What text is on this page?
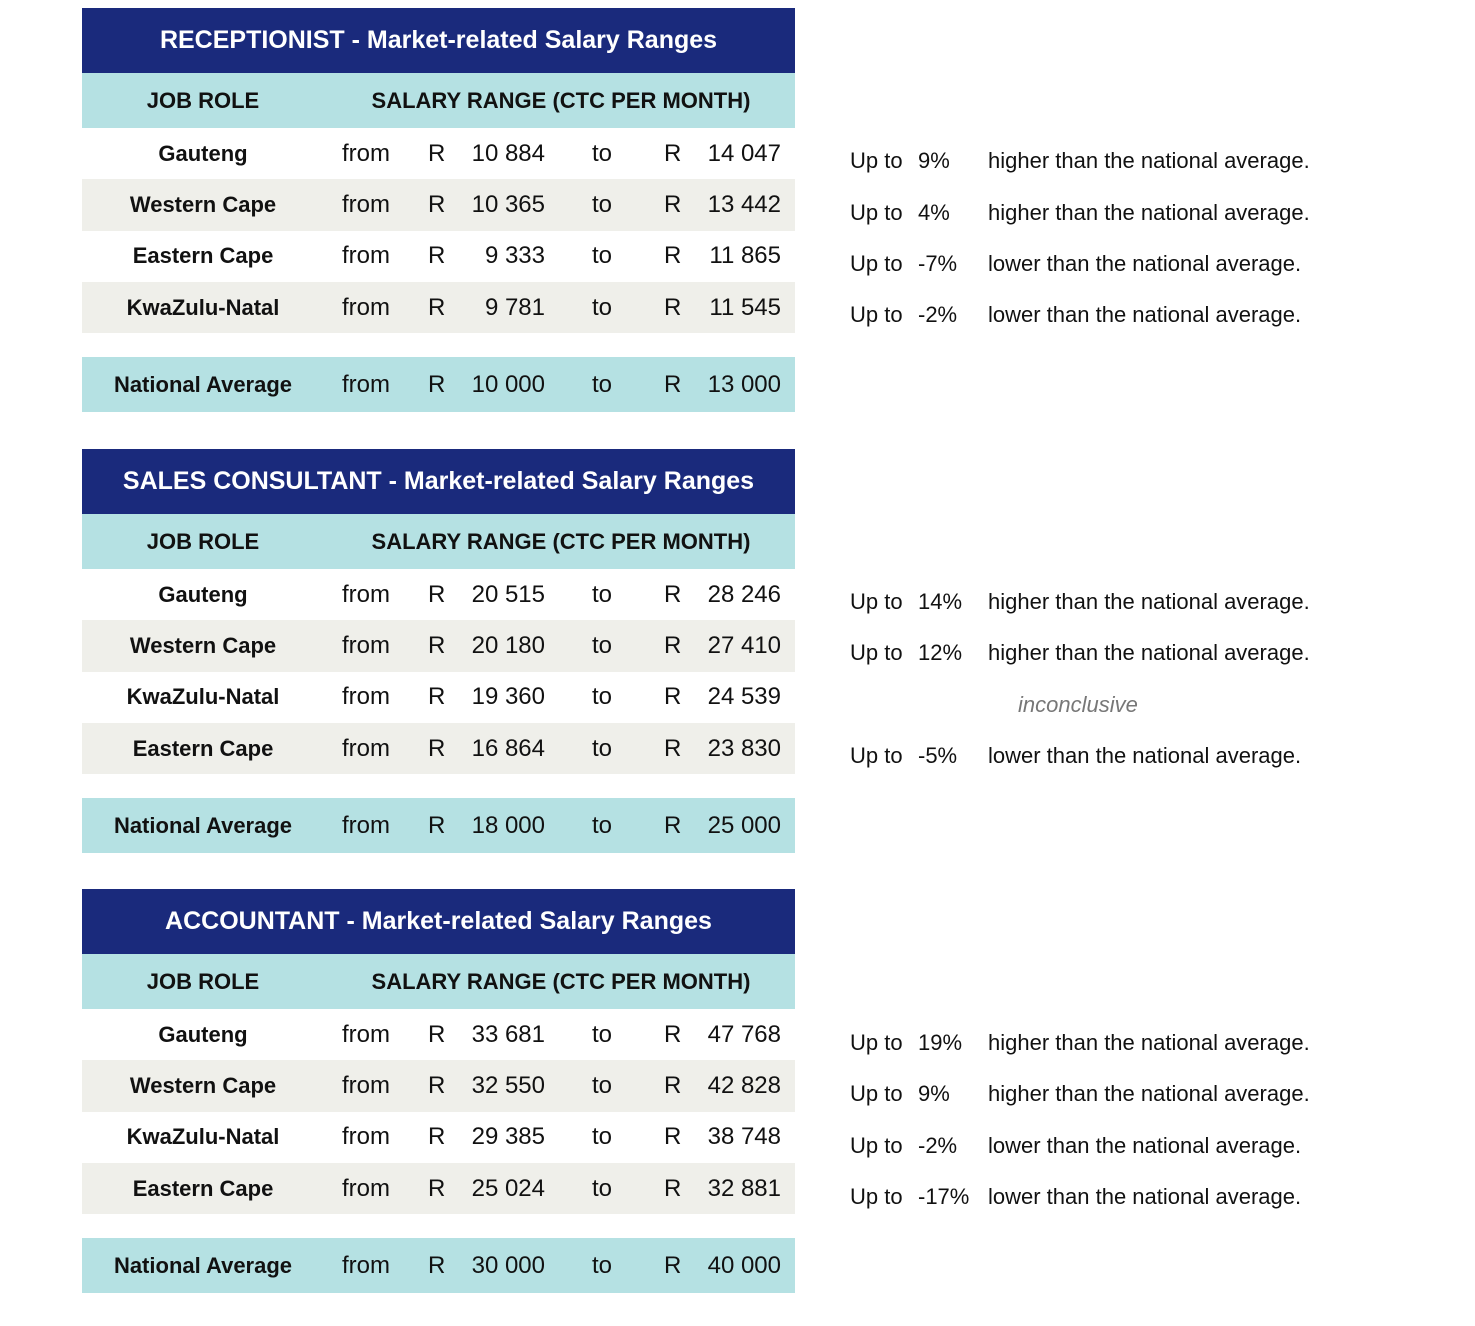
RECEPTIONIST - Market-related Salary Ranges
JOB ROLE	SALARY RANGE (CTC PER MONTH)
Gauteng	from R 10 884 to R 14 047
Western Cape	from R 10 365 to R 13 442
Eastern Cape	from R 9 333 to R 11 865
KwaZulu-Natal	from R 9 781 to R 11 545
National Average	from R 10 000 to R 13 000
Up to 9% higher than the national average.
Up to 4% higher than the national average.
Up to -7% lower than the national average.
Up to -2% lower than the national average.
SALES CONSULTANT - Market-related Salary Ranges
JOB ROLE	SALARY RANGE (CTC PER MONTH)
Gauteng	from R 20 515 to R 28 246
Western Cape	from R 20 180 to R 27 410
KwaZulu-Natal	from R 19 360 to R 24 539
Eastern Cape	from R 16 864 to R 23 830
National Average	from R 18 000 to R 25 000
Up to 14% higher than the national average.
Up to 12% higher than the national average.
inconclusive
Up to -5% lower than the national average.
ACCOUNTANT - Market-related Salary Ranges
JOB ROLE	SALARY RANGE (CTC PER MONTH)
Gauteng	from R 33 681 to R 47 768
Western Cape	from R 32 550 to R 42 828
KwaZulu-Natal	from R 29 385 to R 38 748
Eastern Cape	from R 25 024 to R 32 881
National Average	from R 30 000 to R 40 000
Up to 19% higher than the national average.
Up to 9% higher than the national average.
Up to -2% lower than the national average.
Up to -17% lower than the national average.
